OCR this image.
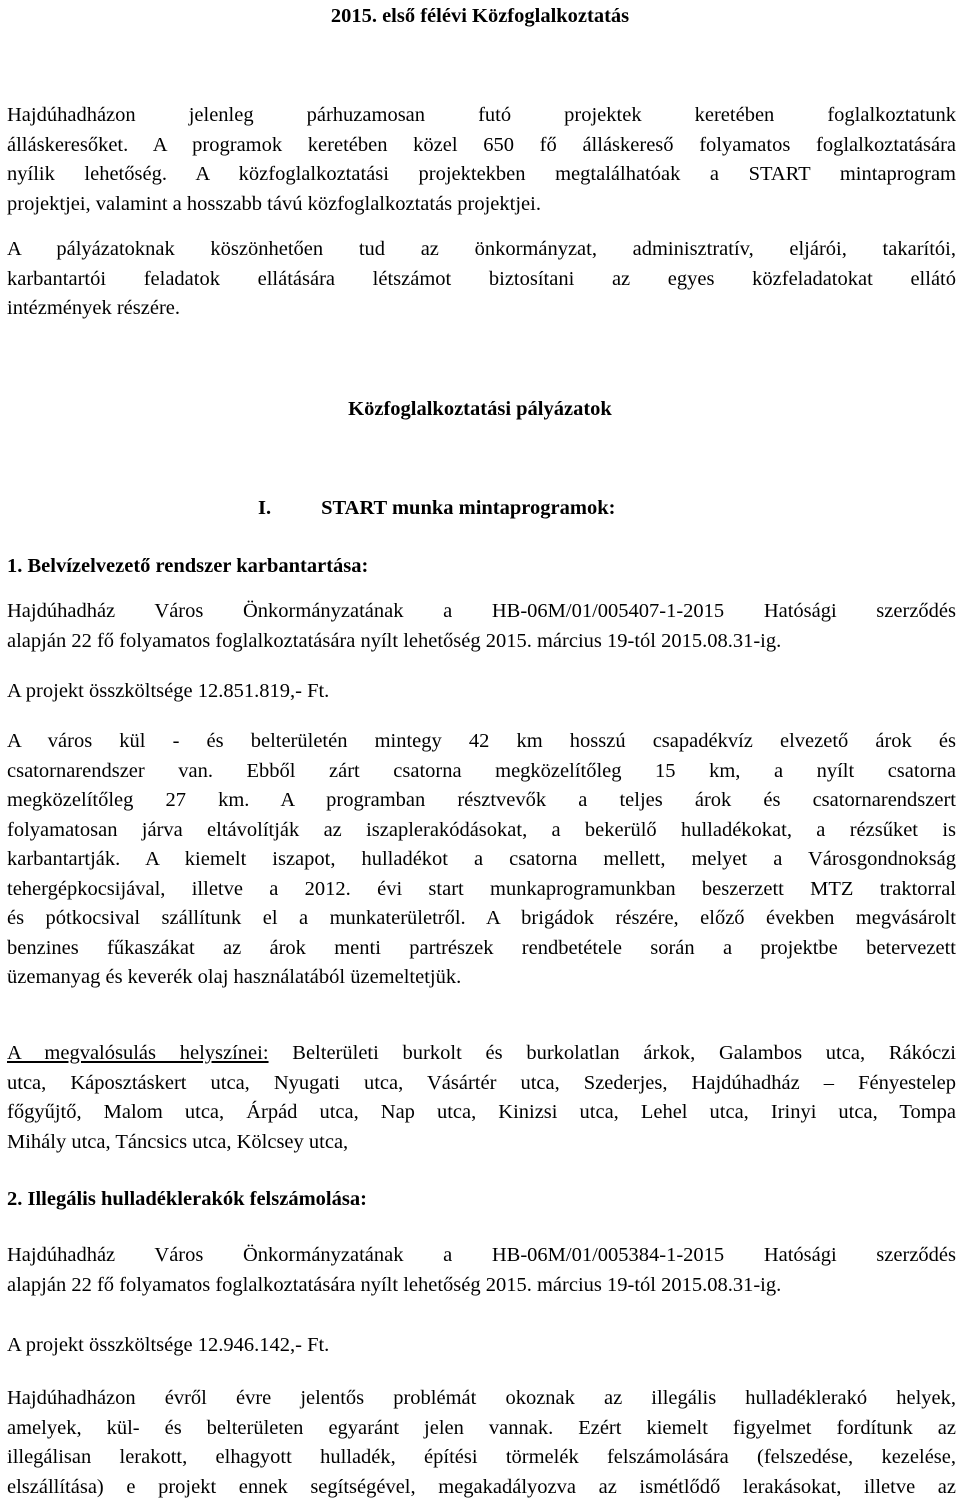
2015. első félévi Közfoglalkoztatás
Hajdúhadházon jelenleg párhuzamosan futó projektek keretében foglalkoztatunk
álláskeresőket. A programok keretében közel 650 fő álláskereső folyamatos foglalkoztatására
nyílik lehetőség. A közfoglalkoztatási projektekben megtalálhatóak a START mintaprogram
projektjei, valamint a hosszabb távú közfoglalkoztatás projektjei.
A pályázatoknak köszönhetően tud az önkormányzat, adminisztratív, eljárói, takarítói,
karbantartói feladatok ellátására létszámot biztosítani az egyes közfeladatokat ellátó
intézmények részére.
Közfoglalkoztatási pályázatok
I. START munka mintaprogramok:
1. Belvízelvezető rendszer karbantartása:
Hajdúhadház Város Önkormányzatának a HB-06M/01/005407-1-2015 Hatósági szerződés
alapján 22 fő folyamatos foglalkoztatására nyílt lehetőség 2015. március 19-tól 2015.08.31-ig.
A projekt összköltsége 12.851.819,- Ft.
A város kül - és belterületén mintegy 42 km hosszú csapadékvíz elvezető árok és
csatornarendszer van. Ebből zárt csatorna megközelítőleg 15 km, a nyílt csatorna
megközelítőleg 27 km. A programban résztvevők a teljes árok és csatornarendszert
folyamatosan járva eltávolítják az iszaplerakódásokat, a bekerülő hulladékokat, a rézsűket is
karbantartják. A kiemelt iszapot, hulladékot a csatorna mellett, melyet a Városgondnokság
tehergépkocsijával, illetve a 2012. évi start munkaprogramunkban beszerzett MTZ traktorral
és pótkocsival szállítunk el a munkaterületről. A brigádok részére, előző években megvásárolt
benzines fűkaszákat az árok menti partrészek rendbetétele során a projektbe betervezett
üzemanyag és keverék olaj használatából üzemeltetjük.
A megvalósulás helyszínei: Belterületi burkolt és burkolatlan árkok, Galambos utca, Rákóczi
utca, Káposztáskert utca, Nyugati utca, Vásártér utca, Szederjes, Hajdúhadház – Fényestelep
főgyűjtő, Malom utca, Árpád utca, Nap utca, Kinizsi utca, Lehel utca, Irinyi utca, Tompa
Mihály utca, Táncsics utca, Kölcsey utca,
2. Illegális hulladéklerakók felszámolása:
Hajdúhadház Város Önkormányzatának a HB-06M/01/005384-1-2015 Hatósági szerződés
alapján 22 fő folyamatos foglalkoztatására nyílt lehetőség 2015. március 19-tól 2015.08.31-ig.
A projekt összköltsége 12.946.142,- Ft.
Hajdúhadházon évről évre jelentős problémát okoznak az illegális hulladéklerakó helyek,
amelyek, kül- és belterületen egyaránt jelen vannak. Ezért kiemelt figyelmet fordítunk az
illegálisan lerakott, elhagyott hulladék, építési törmelék felszámolására (felszedése, kezelése,
elszállítása) e projekt ennek segítségével, megakadályozva az ismétlődő lerakásokat, illetve az
